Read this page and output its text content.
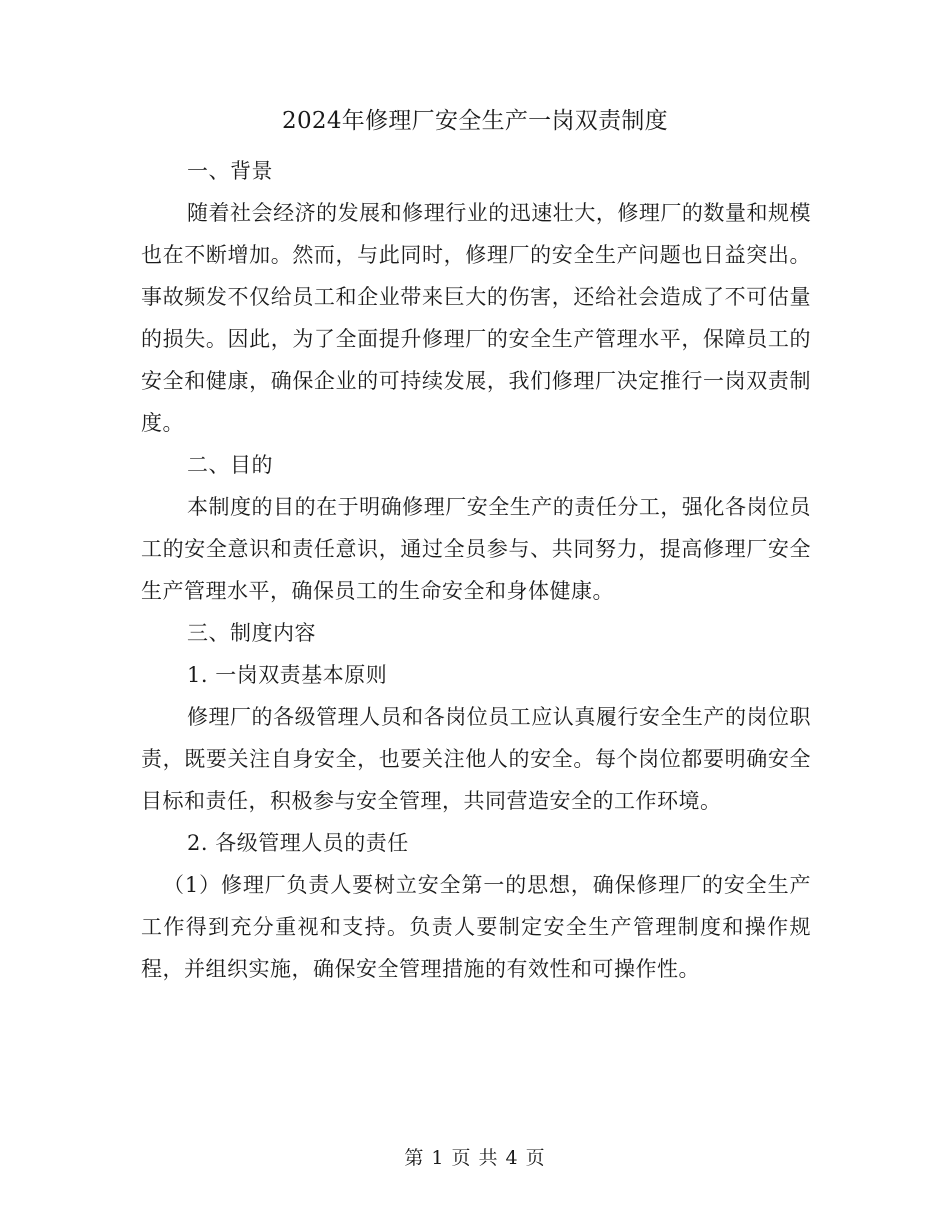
2024年修理厂安全生产一岗双责制度

一、背景

随着社会经济的发展和修理行业的迅速壮大，修理厂的数量和规模也在不断增加。然而，与此同时，修理厂的安全生产问题也日益突出。事故频发不仅给员工和企业带来巨大的伤害，还给社会造成了不可估量的损失。因此，为了全面提升修理厂的安全生产管理水平，保障员工的安全和健康，确保企业的可持续发展，我们修理厂决定推行一岗双责制度。

二、目的

本制度的目的在于明确修理厂安全生产的责任分工，强化各岗位员工的安全意识和责任意识，通过全员参与、共同努力，提高修理厂安全生产管理水平，确保员工的生命安全和身体健康。

三、制度内容

1. 一岗双责基本原则

修理厂的各级管理人员和各岗位员工应认真履行安全生产的岗位职责，既要关注自身安全，也要关注他人的安全。每个岗位都要明确安全目标和责任，积极参与安全管理，共同营造安全的工作环境。

2. 各级管理人员的责任

（1）修理厂负责人要树立安全第一的思想，确保修理厂的安全生产工作得到充分重视和支持。负责人要制定安全生产管理制度和操作规程，并组织实施，确保安全管理措施的有效性和可操作性。

第 1 页 共 4 页
